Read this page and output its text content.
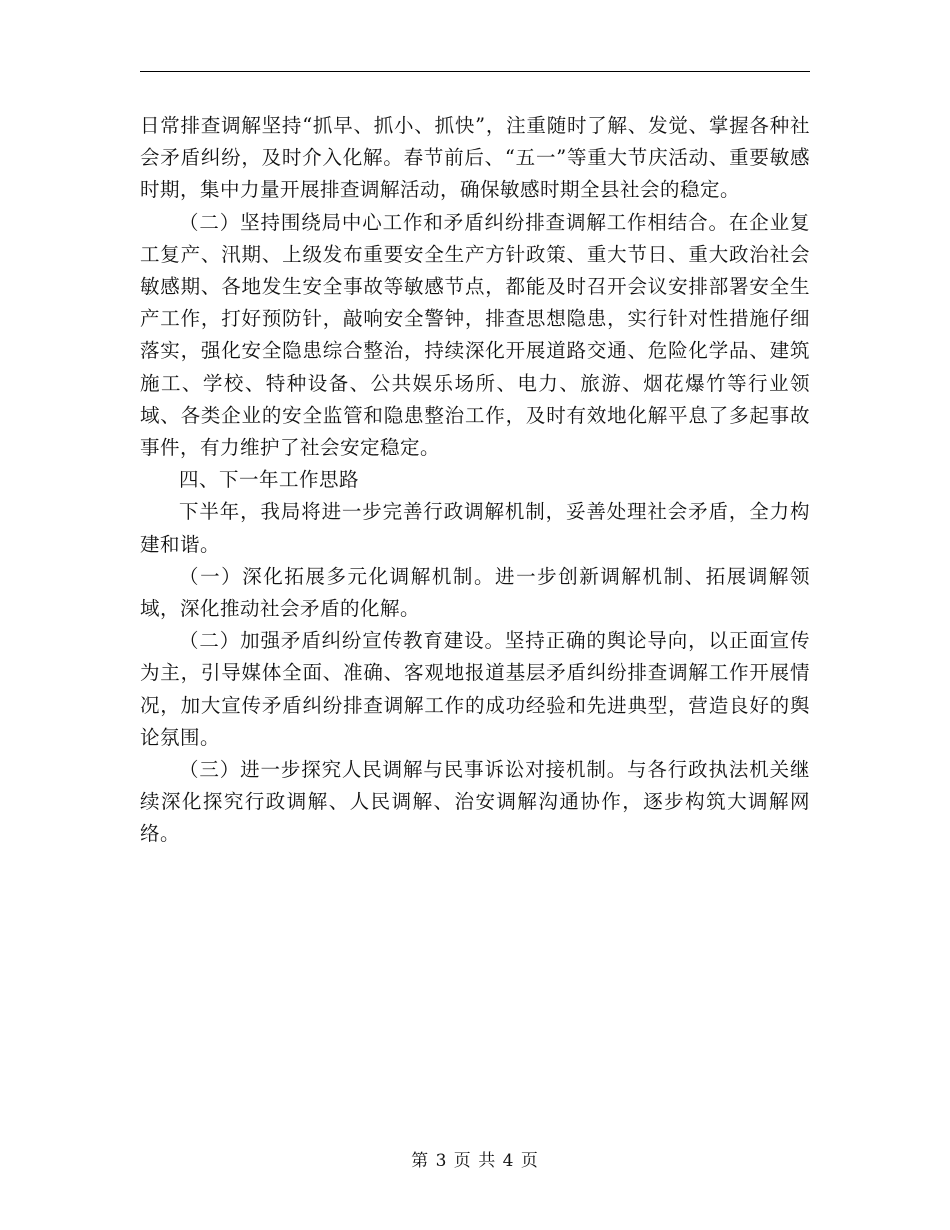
日常排查调解坚持“抓早、抓小、抓快”，注重随时了解、发觉、掌握各种社会矛盾纠纷，及时介入化解。春节前后、“五一”等重大节庆活动、重要敏感时期，集中力量开展排查调解活动，确保敏感时期全县社会的稳定。

（二）坚持围绕局中心工作和矛盾纠纷排查调解工作相结合。在企业复工复产、汛期、上级发布重要安全生产方针政策、重大节日、重大政治社会敏感期、各地发生安全事故等敏感节点，都能及时召开会议安排部署安全生产工作，打好预防针，敲响安全警钟，排查思想隐患，实行针对性措施仔细落实，强化安全隐患综合整治，持续深化开展道路交通、危险化学品、建筑施工、学校、特种设备、公共娱乐场所、电力、旅游、烟花爆竹等行业领域、各类企业的安全监管和隐患整治工作，及时有效地化解平息了多起事故事件，有力维护了社会安定稳定。

四、下一年工作思路

下半年，我局将进一步完善行政调解机制，妥善处理社会矛盾，全力构建和谐。

（一）深化拓展多元化调解机制。进一步创新调解机制、拓展调解领域，深化推动社会矛盾的化解。

（二）加强矛盾纠纷宣传教育建设。坚持正确的舆论导向，以正面宣传为主，引导媒体全面、准确、客观地报道基层矛盾纠纷排查调解工作开展情况，加大宣传矛盾纠纷排查调解工作的成功经验和先进典型，营造良好的舆论氛围。

（三）进一步探究人民调解与民事诉讼对接机制。与各行政执法机关继续深化探究行政调解、人民调解、治安调解沟通协作，逐步构筑大调解网络。

第 3 页 共 4 页
